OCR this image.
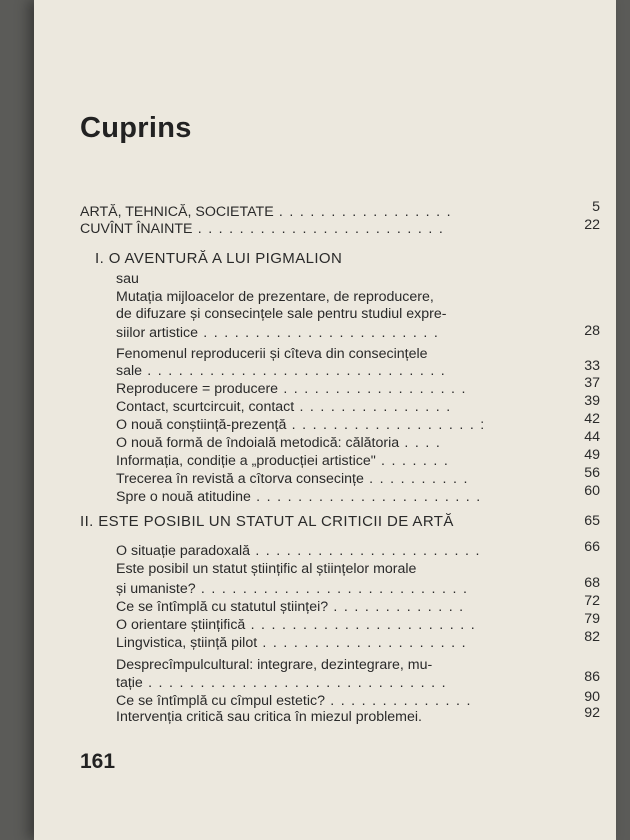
Cuprins
ARTĂ, TEHNICĂ, SOCIETATE . . . . . . . . . . . . . . . . .	5
CUVÎNT ÎNAINTE . . . . . . . . . . . . . . . . . . . . . . . .	22
I. O AVENTURĂ A LUI PIGMALION
sau
Mutația mijloacelor de prezentare, de reproducere,
de difuzare și consecințele sale pentru studiul expre-
siilor artistice . . . . . . . . . . . . . . . . . . . . . . .	28
Fenomenul reproducerii și cîteva din consecințele
sale . . . . . . . . . . . . . . . . . . . . . . . . . . . . .	33
Reproducere = producere . . . . . . . . . . . . . . . . . .	37
Contact, scurtcircuit, contact . . . . . . . . . . . . . . .	39
O nouă conștiință-prezență . . . . . . . . . . . . . . . . . . :	42
O nouă formă de îndoială metodică: călătoria . . . .	44
Informația, condiție a „producției artistice" . . . . . . .	49
Trecerea în revistă a cîtorva consecințe . . . . . . . . . .	56
Spre o nouă atitudine . . . . . . . . . . . . . . . . . . . . . .	60
II. ESTE POSIBIL UN STATUT AL CRITICII DE ARTĂ	65
O situație paradoxală . . . . . . . . . . . . . . . . . . . . . .	66
Este posibil un statut științific al științelor morale
și umaniste? . . . . . . . . . . . . . . . . . . . . . . . . . .	68
Ce se întîmplă cu statutul științei? . . . . . . . . . . . . .	72
O orientare științifică . . . . . . . . . . . . . . . . . . . . . .	79
Lingvistica, știință pilot . . . . . . . . . . . . . . . . . . . .	82
Desprecîmpulcultural: integrare, dezintegrare, mu-
tație . . . . . . . . . . . . . . . . . . . . . . . . . . . . .	86
Ce se întîmplă cu cîmpul estetic? . . . . . . . . . . . . . .	90
Intervenția critică sau critica în miezul problemei.	92
161
